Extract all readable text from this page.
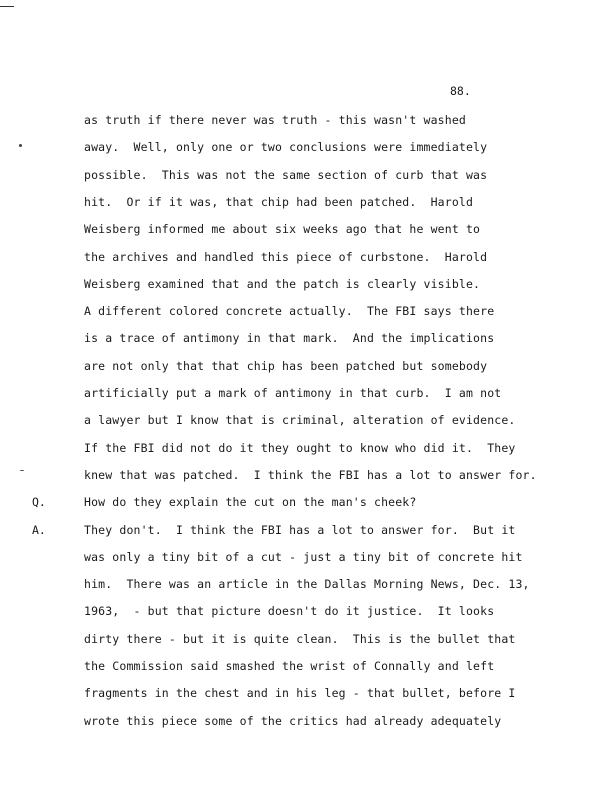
88.
as truth if there never was truth - this wasn't washed
away.  Well, only one or two conclusions were immediately
possible.  This was not the same section of curb that was
hit.  Or if it was, that chip had been patched.  Harold
Weisberg informed me about six weeks ago that he went to
the archives and handled this piece of curbstone.  Harold
Weisberg examined that and the patch is clearly visible.
A different colored concrete actually.  The FBI says there
is a trace of antimony in that mark.  And the implications
are not only that that chip has been patched but somebody
artificially put a mark of antimony in that curb.  I am not
a lawyer but I know that is criminal, alteration of evidence.
If the FBI did not do it they ought to know who did it.  They
knew that was patched.  I think the FBI has a lot to answer for.
Q.	How do they explain the cut on the man's cheek?
A.	They don't.  I think the FBI has a lot to answer for.  But it
was only a tiny bit of a cut - just a tiny bit of concrete hit
him.  There was an article in the Dallas Morning News, Dec. 13,
1963,  - but that picture doesn't do it justice.  It looks
dirty there - but it is quite clean.  This is the bullet that
the Commission said smashed the wrist of Connally and left
fragments in the chest and in his leg - that bullet, before I
wrote this piece some of the critics had already adequately
